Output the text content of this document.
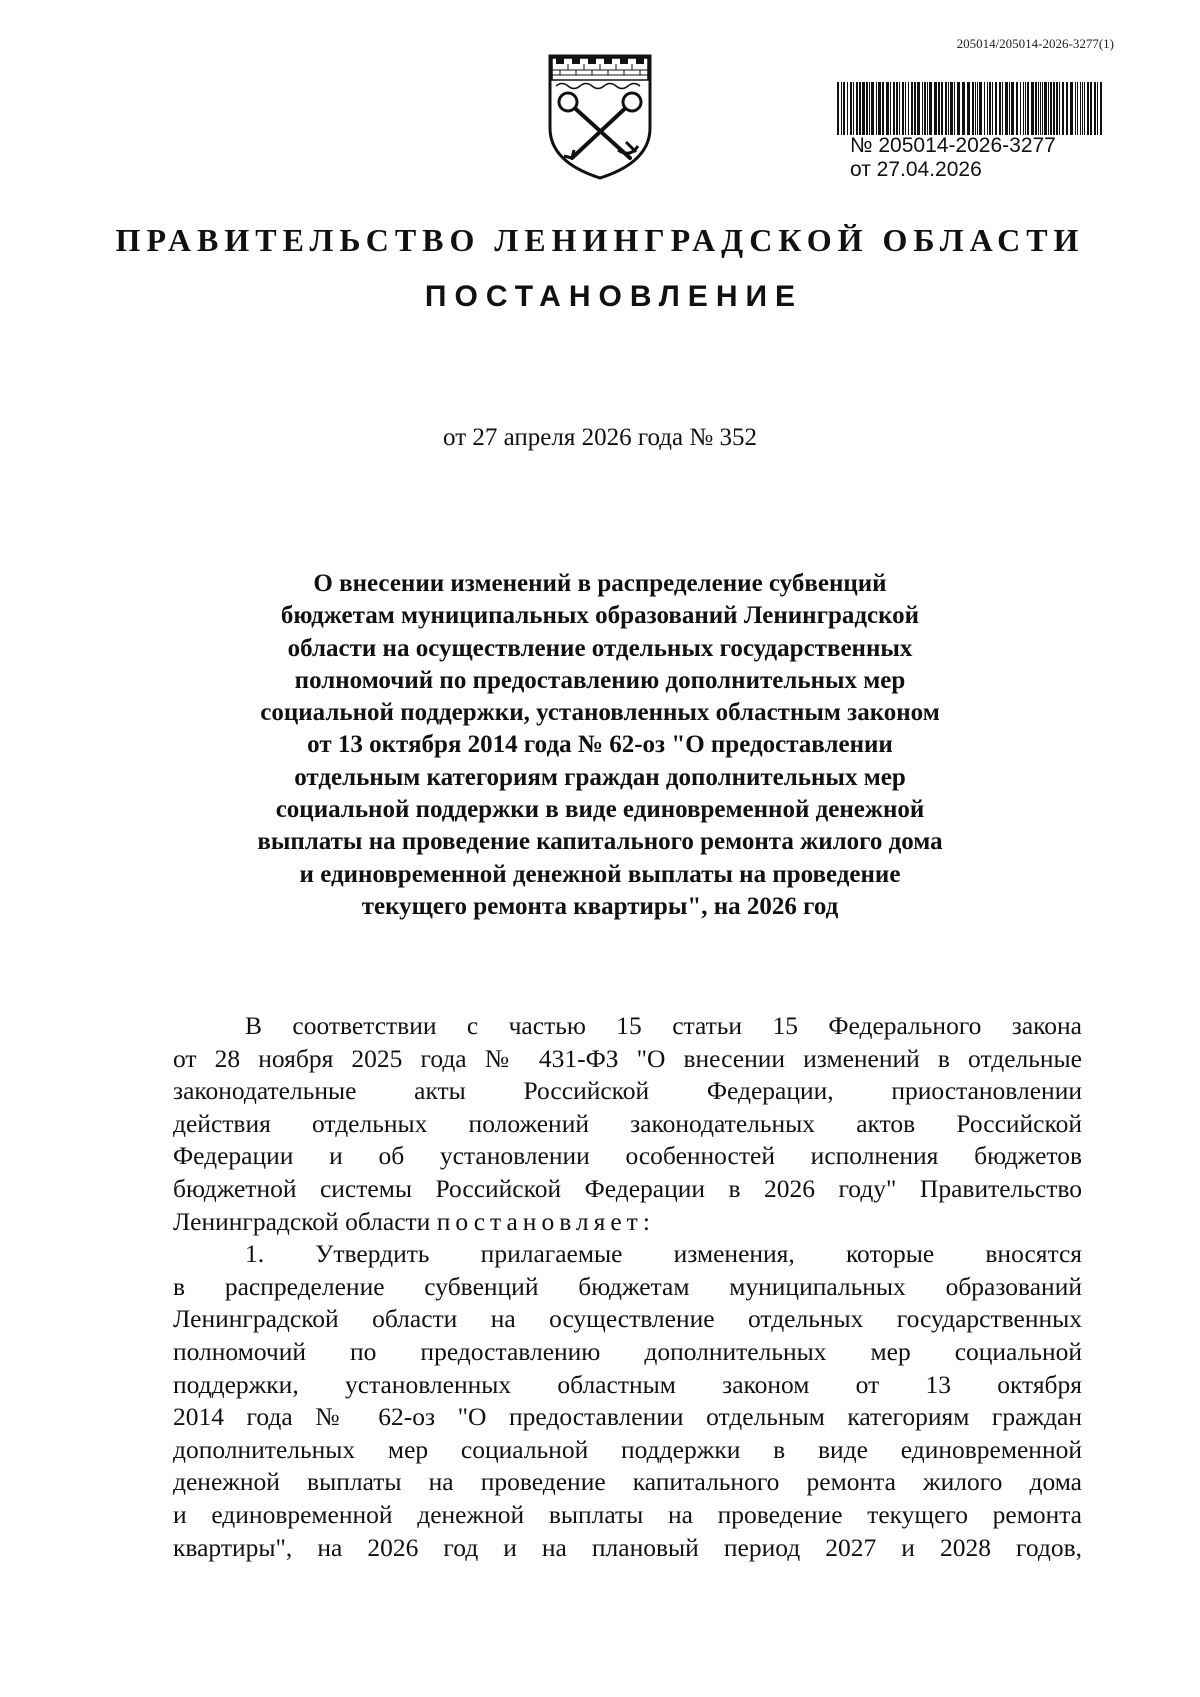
205014/205014-2026-3277(1)
№ 205014-2026-3277
от 27.04.2026
ПРАВИТЕЛЬСТВО ЛЕНИНГРАДСКОЙ ОБЛАСТИ
ПОСТАНОВЛЕНИЕ
от 27 апреля 2026 года № 352
О внесении изменений в распределение субвенций
бюджетам муниципальных образований Ленинградской
области на осуществление отдельных государственных
полномочий по предоставлению дополнительных мер
социальной поддержки, установленных областным законом
от 13 октября 2014 года № 62-оз "О предоставлении
отдельным категориям граждан дополнительных мер
социальной поддержки в виде единовременной денежной
выплаты на проведение капитального ремонта жилого дома
и единовременной денежной выплаты на проведение
текущего ремонта квартиры", на 2026 год
В соответствии с частью 15 статьи 15 Федерального закона
от 28 ноября 2025 года № 431-ФЗ "О внесении изменений в отдельные
законодательные акты Российской Федерации, приостановлении
действия отдельных положений законодательных актов Российской
Федерации и об установлении особенностей исполнения бюджетов
бюджетной системы Российской Федерации в 2026 году" Правительство
Ленинградской области постановляет:
1. Утвердить прилагаемые изменения, которые вносятся
в распределение субвенций бюджетам муниципальных образований
Ленинградской области на осуществление отдельных государственных
полномочий по предоставлению дополнительных мер социальной
поддержки, установленных областным законом от 13 октября
2014 года № 62-оз "О предоставлении отдельным категориям граждан
дополнительных мер социальной поддержки в виде единовременной
денежной выплаты на проведение капитального ремонта жилого дома
и единовременной денежной выплаты на проведение текущего ремонта
квартиры", на 2026 год и на плановый период 2027 и 2028 годов,
